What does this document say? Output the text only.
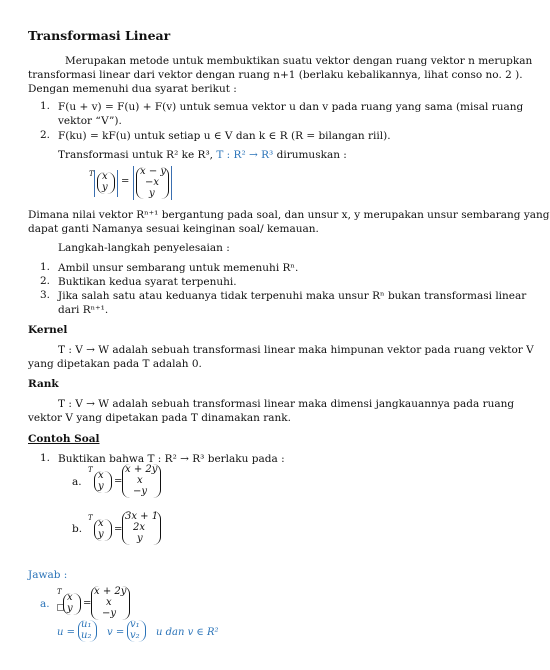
Transformasi Linear
Merupakan metode untuk membuktikan suatu vektor dengan ruang vektor n merupkan
transformasi linear dari vektor dengan ruang n+1 (berlaku kebalikannya, lihat conso no. 2 ).
Dengan memenuhi dua syarat berikut :
1. F(u + v) = F(u) + F(v) untuk semua vektor u dan v pada ruang yang sama (misal ruang
vektor “V”).
2. F(ku) = kF(u) untuk setiap u ∈ V dan k ∈ R (R = bilangan riil).
Transformasi untuk R² ke R³, T : R² → R³ dirumuskan :
T x
y
=
x − y
−x
y
Dimana nilai vektor Rⁿ⁺¹ bergantung pada soal, dan unsur x, y merupakan unsur sembarang yang
dapat ganti Namanya sesuai keinginan soal/ kemauan.
Langkah-langkah penyelesaian :
1. Ambil unsur sembarang untuk memenuhi Rⁿ.
2. Buktikan kedua syarat terpenuhi.
3. Jika salah satu atau keduanya tidak terpenuhi maka unsur Rⁿ bukan transformasi linear
dari Rⁿ⁺¹.
Kernel
T : V → W adalah sebuah transformasi linear maka himpunan vektor pada ruang vektor V
yang dipetakan pada T adalah 0.
Rank
T : V → W adalah sebuah transformasi linear maka dimensi jangkauannya pada ruang
vektor V yang dipetakan pada T dinamakan rank.
Contoh Soal
1. Buktikan bahwa T : R² → R³ berlaku pada :
a.
T x
y =
x + 2y
x
−y
b.
T x
y =
3x + 1
2x
y
Jawab :
a.
T x
y =
x + 2y
x
−y
u =
u₁
u₂ v =
v₁
v₂ u dan v ∈ R²
